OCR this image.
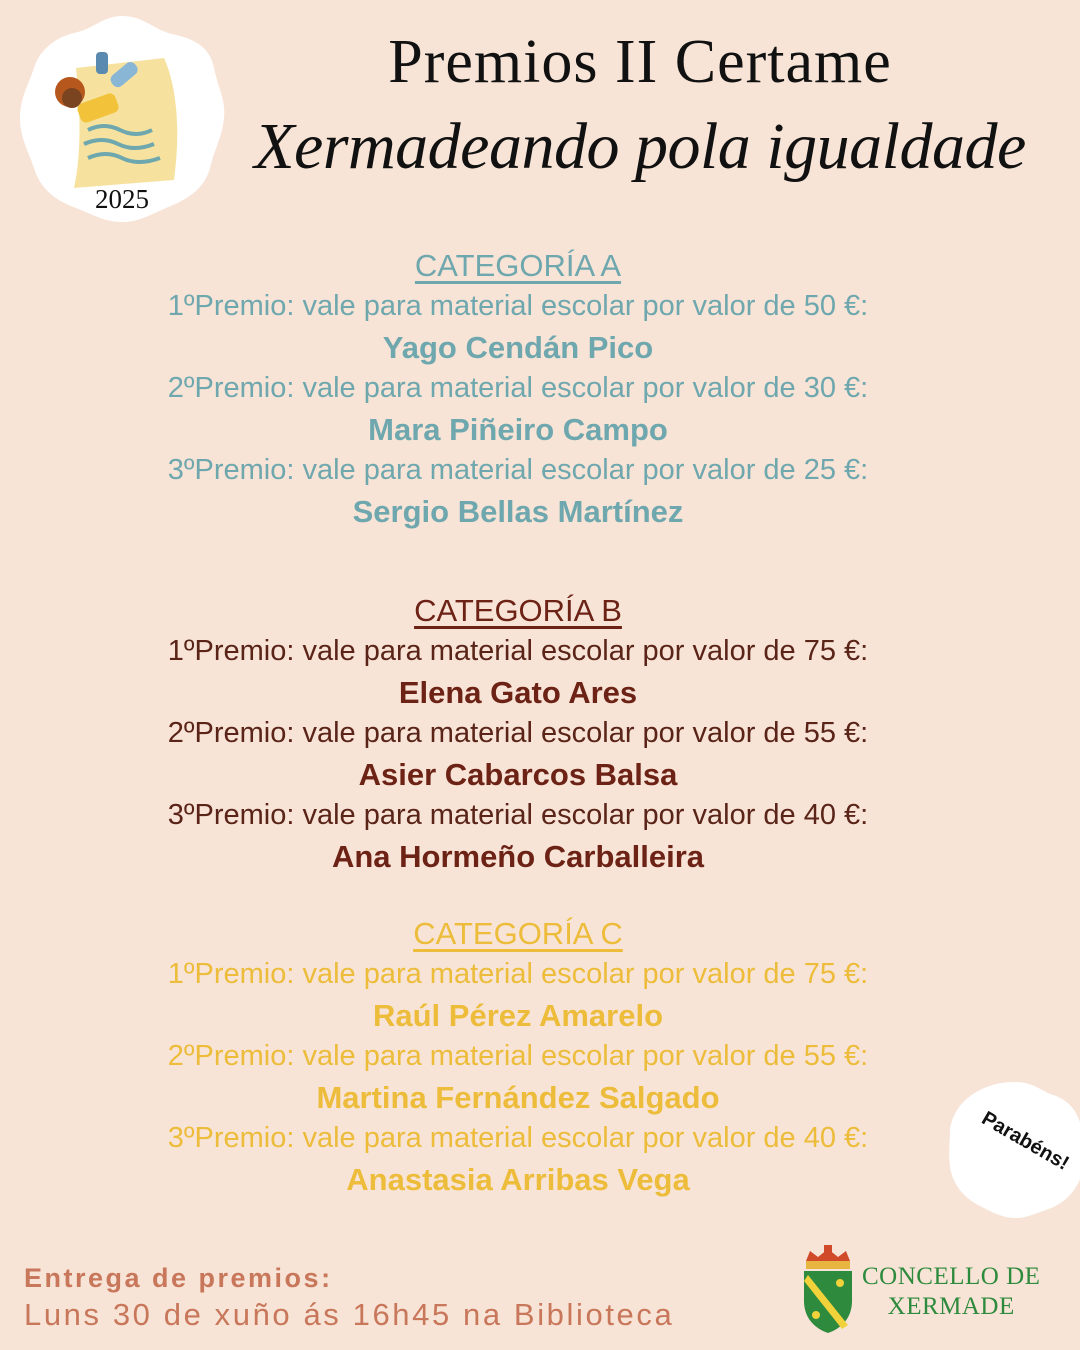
2025
Premios II Certame
Xermadeando pola igualdade
CATEGORÍA A
1ºPremio: vale para material escolar por valor de 50 €:
Yago Cendán Pico
2ºPremio: vale para material escolar por valor de 30 €:
Mara Piñeiro Campo
3ºPremio: vale para material escolar por valor de 25 €:
Sergio Bellas Martínez
CATEGORÍA B
1ºPremio: vale para material escolar por valor de 75 €:
Elena Gato Ares
2ºPremio: vale para material escolar por valor de 55 €:
Asier Cabarcos Balsa
3ºPremio: vale para material escolar por valor de 40 €:
Ana Hormeño Carballeira
CATEGORÍA C
1ºPremio: vale para material escolar por valor de 75 €:
Raúl Pérez Amarelo
2ºPremio: vale para material escolar por valor de 55 €:
Martina Fernández Salgado
3ºPremio: vale para material escolar por valor de 40 €:
Anastasia Arribas Vega
Parabéns!
Entrega de premios:
Luns 30 de xuño ás 16h45 na Biblioteca
CONCELLO DE
XERMADE
